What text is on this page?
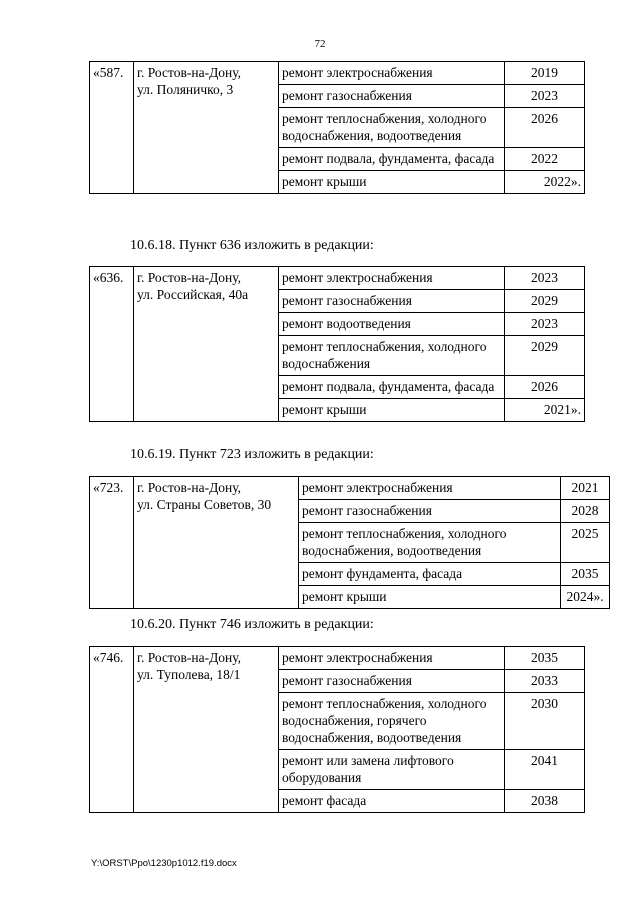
72
«587.	г. Ростов-на-Дону,
ул. Поляничко, 3	ремонт электроснабжения	2019
		ремонт газоснабжения	2023
		ремонт теплоснабжения, холодного водоснабжения, водоотведения	2026
		ремонт подвала, фундамента, фасада	2022
		ремонт крыши	2022».
10.6.18. Пункт 636 изложить в редакции:
«636.	г. Ростов-на-Дону,
ул. Российская, 40а	ремонт электроснабжения	2023
		ремонт газоснабжения	2029
		ремонт водоотведения	2023
		ремонт теплоснабжения, холодного водоснабжения	2029
		ремонт подвала, фундамента, фасада	2026
		ремонт крыши	2021».
10.6.19. Пункт 723 изложить в редакции:
«723.	г. Ростов-на-Дону,
ул. Страны Советов, 30	ремонт электроснабжения	2021
		ремонт газоснабжения	2028
		ремонт теплоснабжения, холодного водоснабжения, водоотведения	2025
		ремонт фундамента, фасада	2035
		ремонт крыши	2024».
10.6.20. Пункт 746 изложить в редакции:
«746.	г. Ростов-на-Дону,
ул. Туполева, 18/1	ремонт электроснабжения	2035
		ремонт газоснабжения	2033
		ремонт теплоснабжения, холодного водоснабжения, горячего водоснабжения, водоотведения	2030
		ремонт или замена лифтового оборудования	2041
		ремонт фасада	2038
Y:\ORST\Ppo\1230p1012.f19.docx
